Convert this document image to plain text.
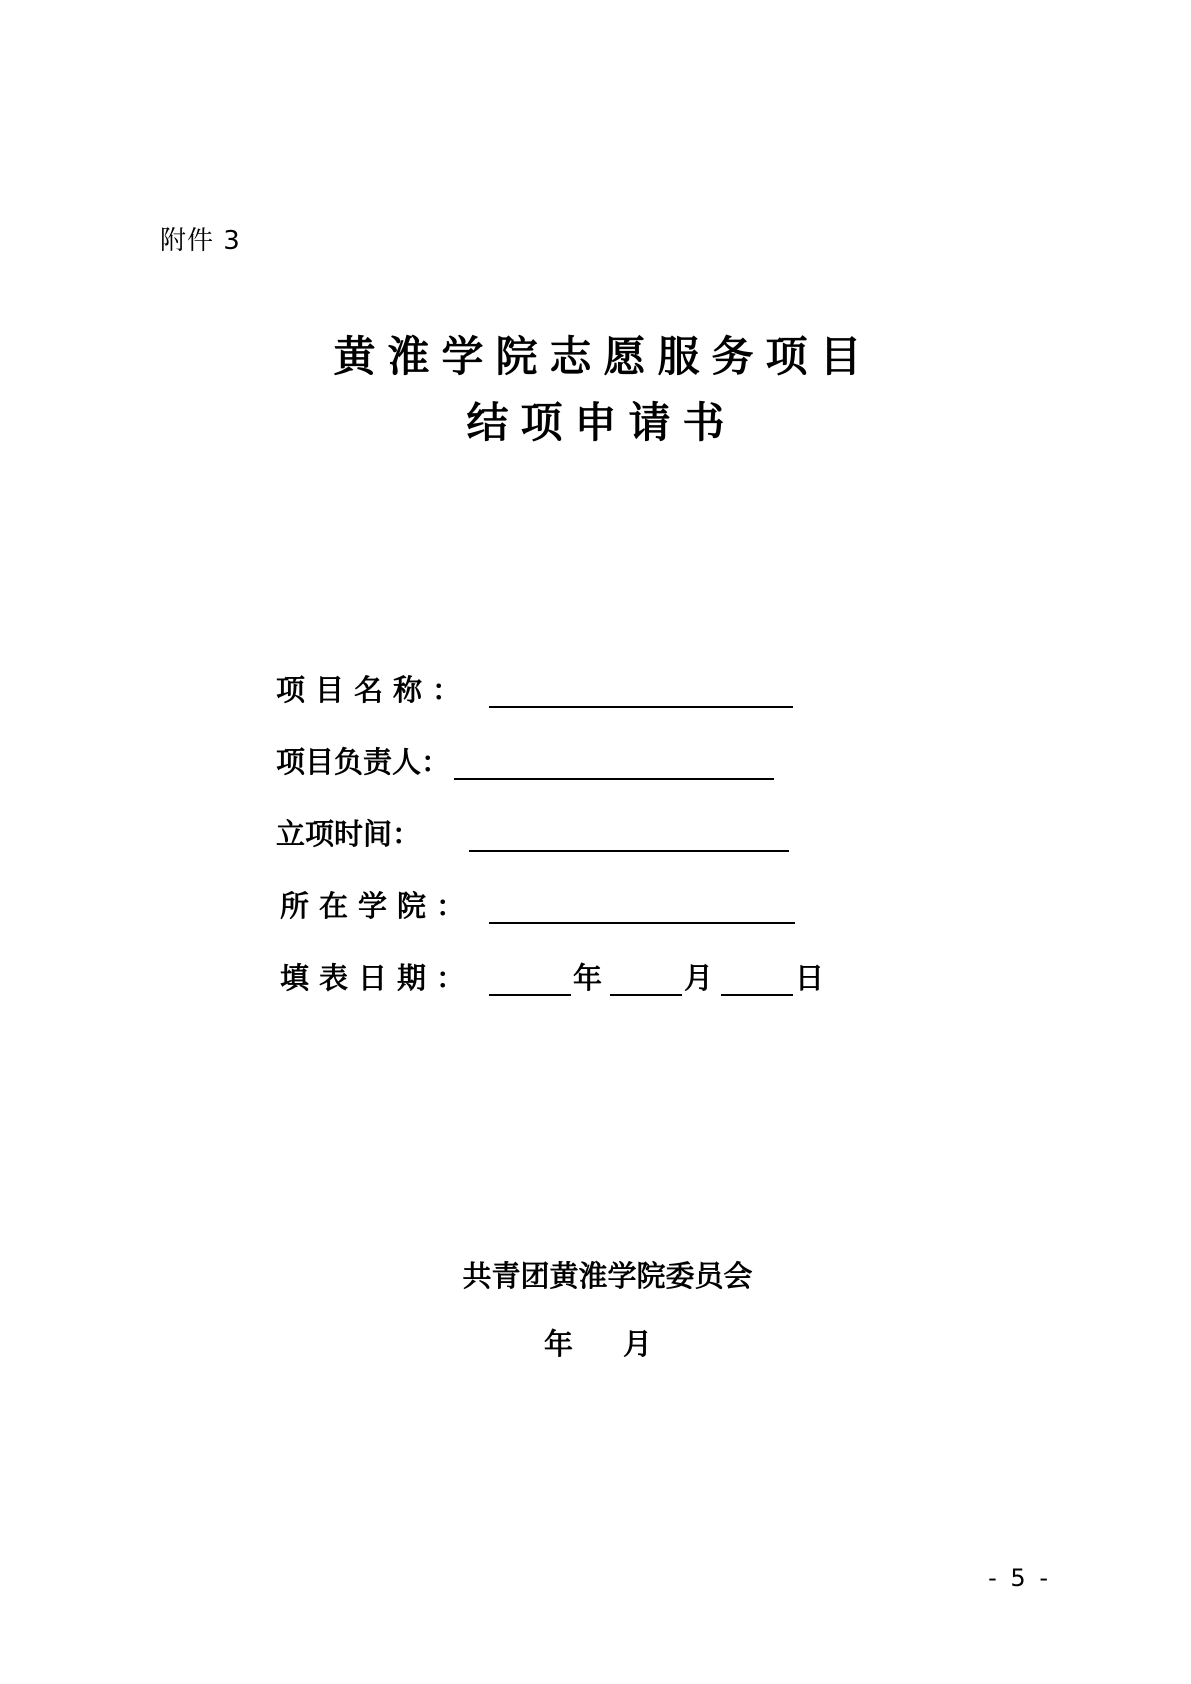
附件 3
黄淮学院志愿服务项目
结项申请书
项目名称：
项目负责人：
立项时间：
所在学院：
填表日期：	年	月	日
共青团黄淮学院委员会
年 月
- 5 -
